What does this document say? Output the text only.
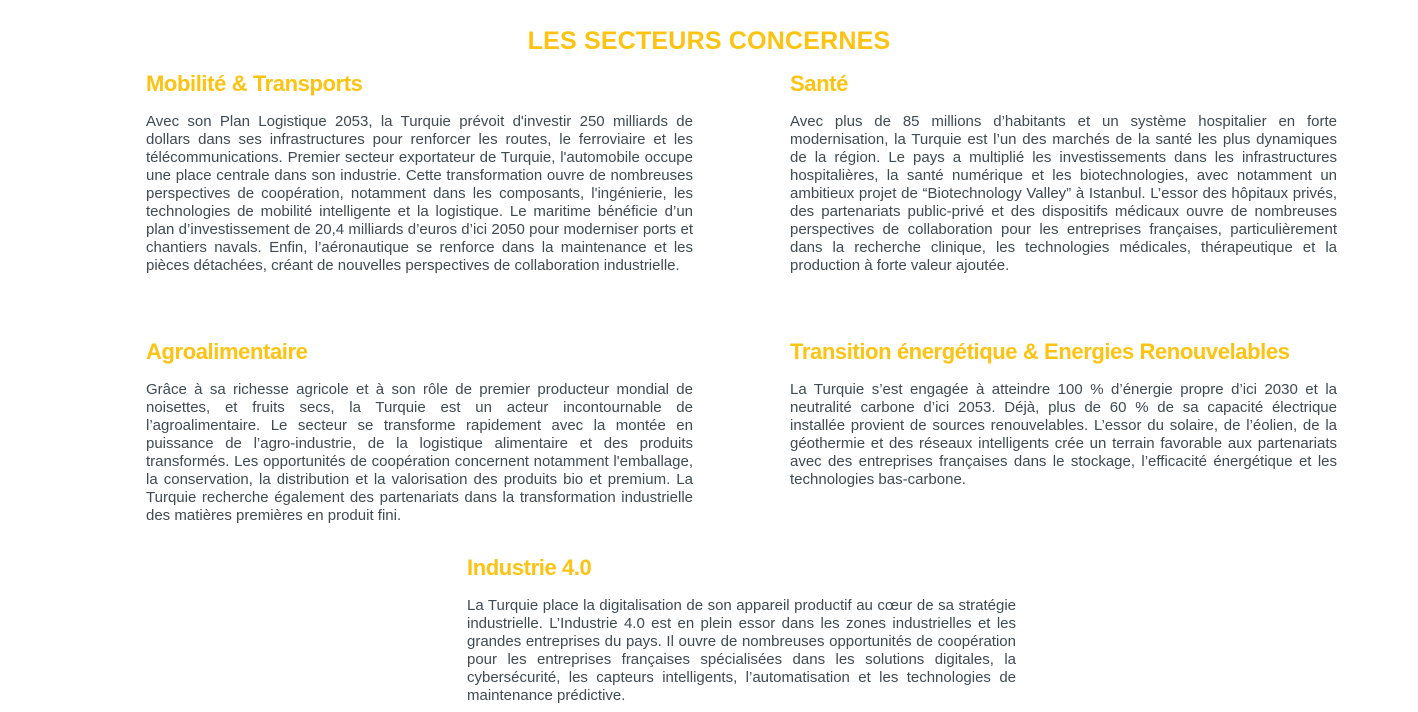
LES SECTEURS CONCERNES
Mobilité & Transports

Avec son Plan Logistique 2053, la Turquie prévoit d'investir 250 milliards de dollars dans ses infrastructures pour renforcer les routes, le ferroviaire et les télécommunications. Premier secteur exportateur de Turquie, l'automobile occupe une place centrale dans son industrie. Cette transformation ouvre de nombreuses perspectives de coopération, notamment dans les composants, l'ingénierie, les technologies de mobilité intelligente et la logistique. Le maritime bénéficie d’un plan d’investissement de 20,4 milliards d’euros d’ici 2050 pour moderniser ports et chantiers navals. Enfin, l’aéronautique se renforce dans la maintenance et les pièces détachées, créant de nouvelles perspectives de collaboration industrielle.

Santé

Avec plus de 85 millions d’habitants et un système hospitalier en forte modernisation, la Turquie est l’un des marchés de la santé les plus dynamiques de la région. Le pays a multiplié les investissements dans les infrastructures hospitalières, la santé numérique et les biotechnologies, avec notamment un ambitieux projet de “Biotechnology Valley” à Istanbul. L’essor des hôpitaux privés, des partenariats public-privé et des dispositifs médicaux ouvre de nombreuses perspectives de collaboration pour les entreprises françaises, particulièrement dans la recherche clinique, les technologies médicales, thérapeutique et la production à forte valeur ajoutée.

Agroalimentaire

Grâce à sa richesse agricole et à son rôle de premier producteur mondial de noisettes, et fruits secs, la Turquie est un acteur incontournable de l’agroalimentaire. Le secteur se transforme rapidement avec la montée en puissance de l’agro-industrie, de la logistique alimentaire et des produits transformés. Les opportunités de coopération concernent notamment l'emballage, la conservation, la distribution et la valorisation des produits bio et premium. La Turquie recherche également des partenariats dans la transformation industrielle des matières premières en produit fini.

Transition énergétique & Energies Renouvelables

La Turquie s’est engagée à atteindre 100 % d’énergie propre d’ici 2030 et la neutralité carbone d’ici 2053. Déjà, plus de 60 % de sa capacité électrique installée provient de sources renouvelables. L’essor du solaire, de l’éolien, de la géothermie et des réseaux intelligents crée un terrain favorable aux partenariats avec des entreprises françaises dans le stockage, l’efficacité énergétique et les technologies bas-carbone.

Industrie 4.0

La Turquie place la digitalisation de son appareil productif au cœur de sa stratégie industrielle. L’Industrie 4.0 est en plein essor dans les zones industrielles et les grandes entreprises du pays. Il ouvre de nombreuses opportunités de coopération pour les entreprises françaises spécialisées dans les solutions digitales, la cybersécurité, les capteurs intelligents, l’automatisation et les technologies de maintenance prédictive.
